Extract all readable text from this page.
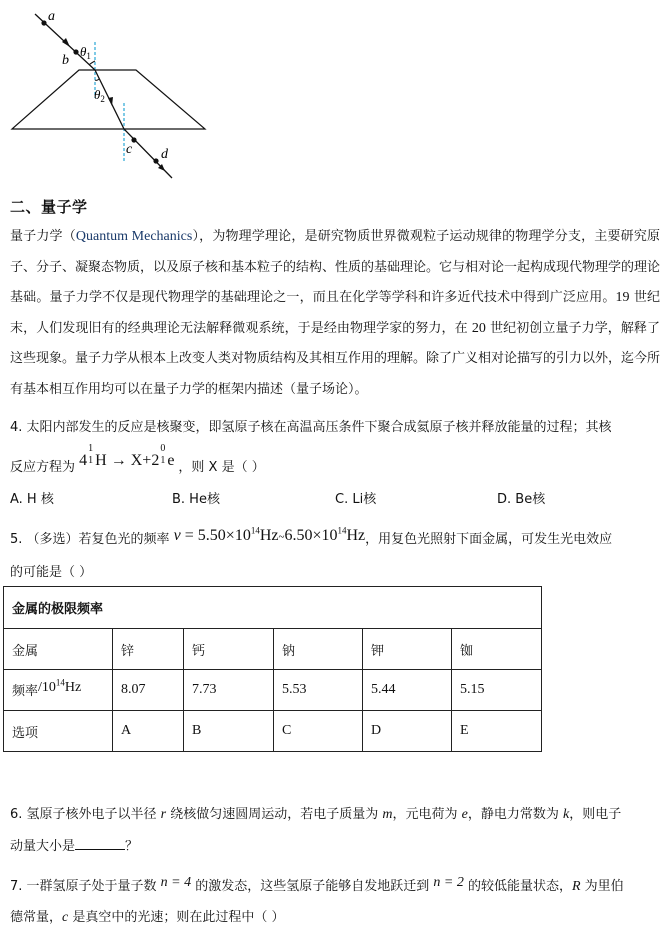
a
b
$\theta_1$
$\theta_2$
c d
二、量子学
量子力学（Quantum Mechanics），为物理学理论，是研究物质世界微观粒子运动规律的物理学分支，主要研究原子、分子、凝聚态物质，以及原子核和基本粒子的结构、性质的基础理论。它与相对论一起构成现代物理学的理论基础。量子力学不仅是现代物理学的基础理论之一，而且在化学等学科和许多近代技术中得到广泛应用。19 世纪末，人们发现旧有的经典理论无法解释微观系统，于是经由物理学家的努力，在 20 世纪初创立量子力学，解释了这些现象。量子力学从根本上改变人类对物质结构及其相互作用的理解。除了广义相对论描写的引力以外，迄今所有基本相互作用均可以在量子力学的框架内描述（量子场论）。
4. 太阳内部发生的反应是核聚变，即氢原子核在高温高压条件下聚合成氦原子核并释放能量的过程；其核
反应方程为 4
1
1 H → X+2
0
1 e ，则 X 是（ ）
A. H 核	B. He核	C. Li核	D. Be核
5. （多选）若复色光的频率 $\nu = 5.50\times 10^{14}Hz\sim 6.50\times 10^{14}Hz$，用复色光照射下面金属，可发生光电效应
的可能是（ ）
金属的极限频率					
金属	锌	钙	钠	钾	铷
频率$/10^{14}Hz$	8.07	7.73	5.53	5.44	5.15
选项	A	B	C	D	E
6. 氢原子核外电子以半径 r 绕核做匀速圆周运动，若电子质量为 m，元电荷为 e，静电力常数为 k，则电子
动量大小是	？
7. 一群氢原子处于量子数 n = 4 的激发态，这些氢原子能够自发地跃迁到 n = 2 的较低能量状态，R 为里伯
德常量，c 是真空中的光速；则在此过程中（ ）
